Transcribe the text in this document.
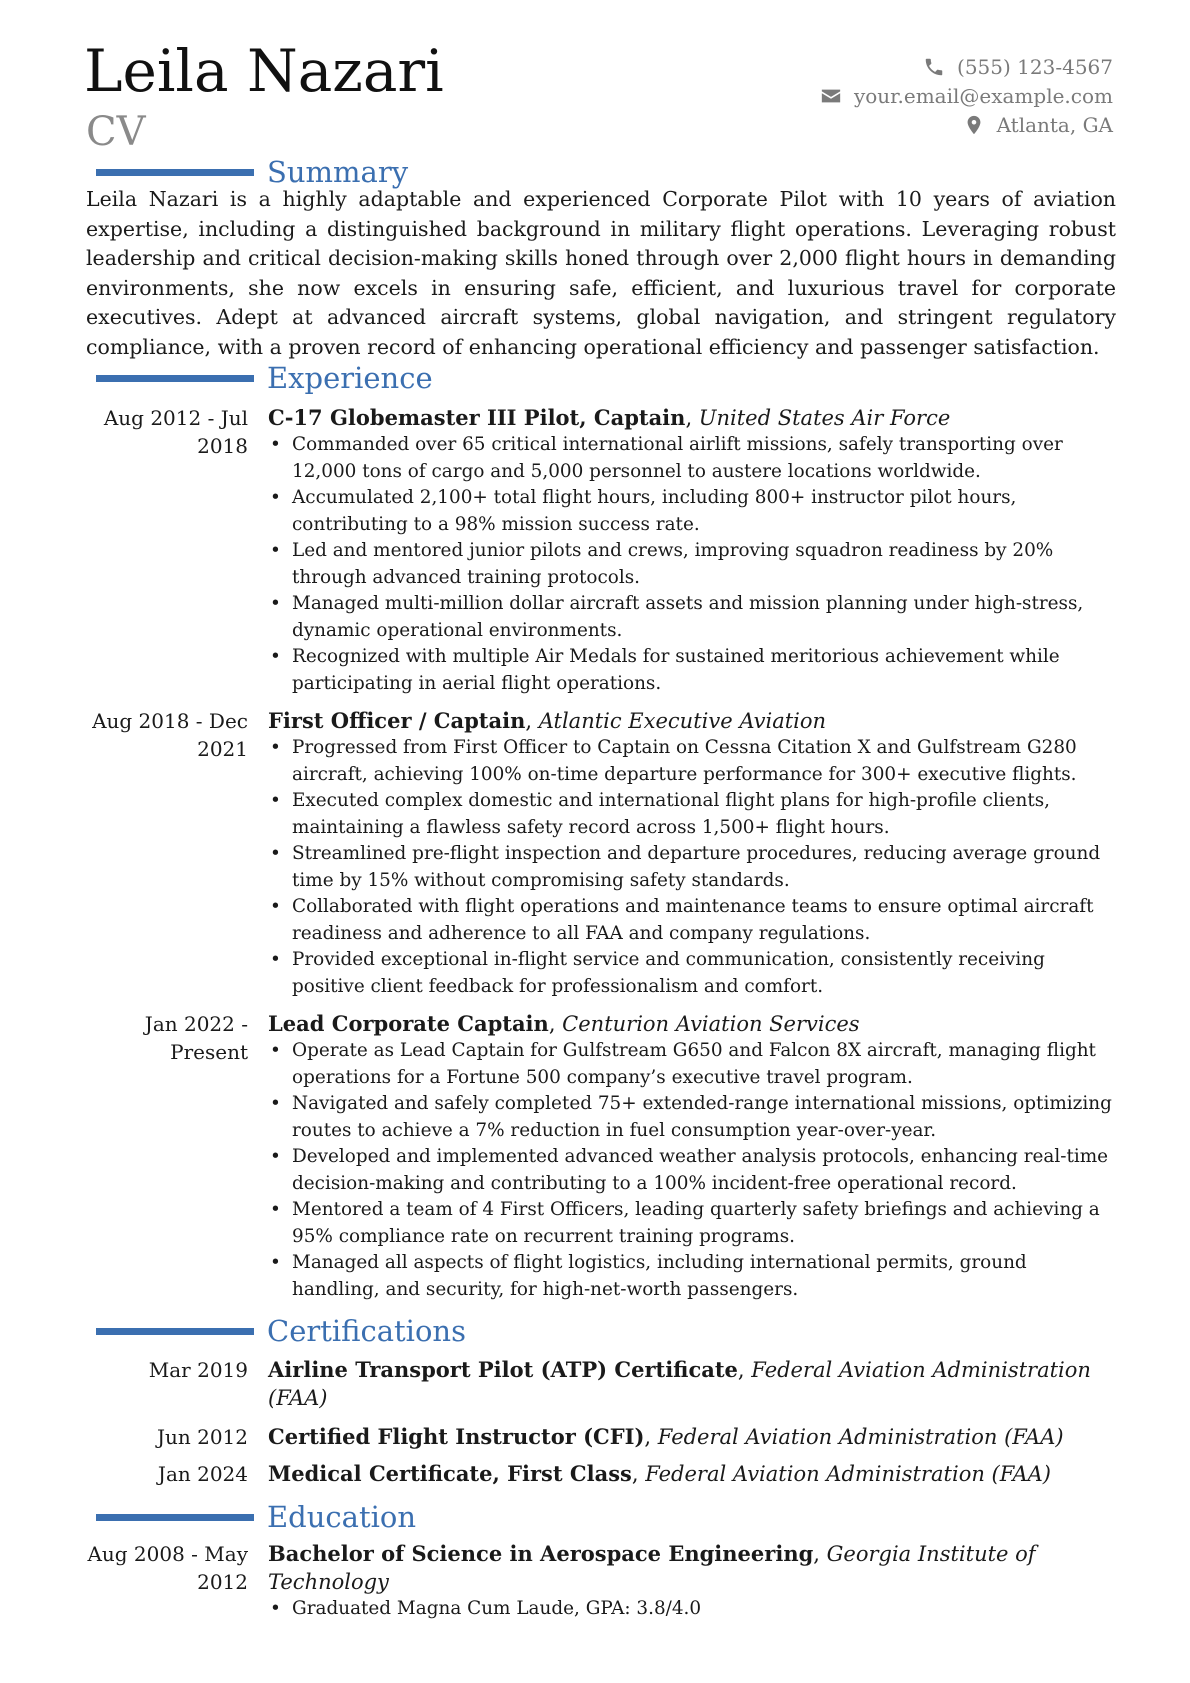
Leila Nazari
CV
(555) 123-4567
your.email@example.com
Atlanta, GA
Summary
Leila Nazari is a highly adaptable and experienced Corporate Pilot with 10 years of aviation expertise, including a distinguished background in military flight operations. Leveraging robust leadership and critical decision-making skills honed through over 2,000 flight hours in demanding environments, she now excels in ensuring safe, efficient, and luxurious travel for corporate executives. Adept at advanced aircraft systems, global navigation, and stringent regulatory compliance, with a proven record of enhancing operational efficiency and passenger satisfaction.
Experience
Aug 2012 - Jul 2018
C-17 Globemaster III Pilot, Captain, United States Air Force
• Commanded over 65 critical international airlift missions, safely transporting over 12,000 tons of cargo and 5,000 personnel to austere locations worldwide.
• Accumulated 2,100+ total flight hours, including 800+ instructor pilot hours, contributing to a 98% mission success rate.
• Led and mentored junior pilots and crews, improving squadron readiness by 20% through advanced training protocols.
• Managed multi-million dollar aircraft assets and mission planning under high-stress, dynamic operational environments.
• Recognized with multiple Air Medals for sustained meritorious achievement while participating in aerial flight operations.
Aug 2018 - Dec 2021
First Officer / Captain, Atlantic Executive Aviation
• Progressed from First Officer to Captain on Cessna Citation X and Gulfstream G280 aircraft, achieving 100% on-time departure performance for 300+ executive flights.
• Executed complex domestic and international flight plans for high-profile clients, maintaining a flawless safety record across 1,500+ flight hours.
• Streamlined pre-flight inspection and departure procedures, reducing average ground time by 15% without compromising safety standards.
• Collaborated with flight operations and maintenance teams to ensure optimal aircraft readiness and adherence to all FAA and company regulations.
• Provided exceptional in-flight service and communication, consistently receiving positive client feedback for professionalism and comfort.
Jan 2022 - Present
Lead Corporate Captain, Centurion Aviation Services
• Operate as Lead Captain for Gulfstream G650 and Falcon 8X aircraft, managing flight operations for a Fortune 500 company’s executive travel program.
• Navigated and safely completed 75+ extended-range international missions, optimizing routes to achieve a 7% reduction in fuel consumption year-over-year.
• Developed and implemented advanced weather analysis protocols, enhancing real-time decision-making and contributing to a 100% incident-free operational record.
• Mentored a team of 4 First Officers, leading quarterly safety briefings and achieving a 95% compliance rate on recurrent training programs.
• Managed all aspects of flight logistics, including international permits, ground handling, and security, for high-net-worth passengers.
Certifications
Mar 2019 Airline Transport Pilot (ATP) Certificate, Federal Aviation Administration (FAA)
Jun 2012 Certified Flight Instructor (CFI), Federal Aviation Administration (FAA)
Jan 2024 Medical Certificate, First Class, Federal Aviation Administration (FAA)
Education
Aug 2008 - May 2012
Bachelor of Science in Aerospace Engineering, Georgia Institute of Technology
• Graduated Magna Cum Laude, GPA: 3.8/4.0
